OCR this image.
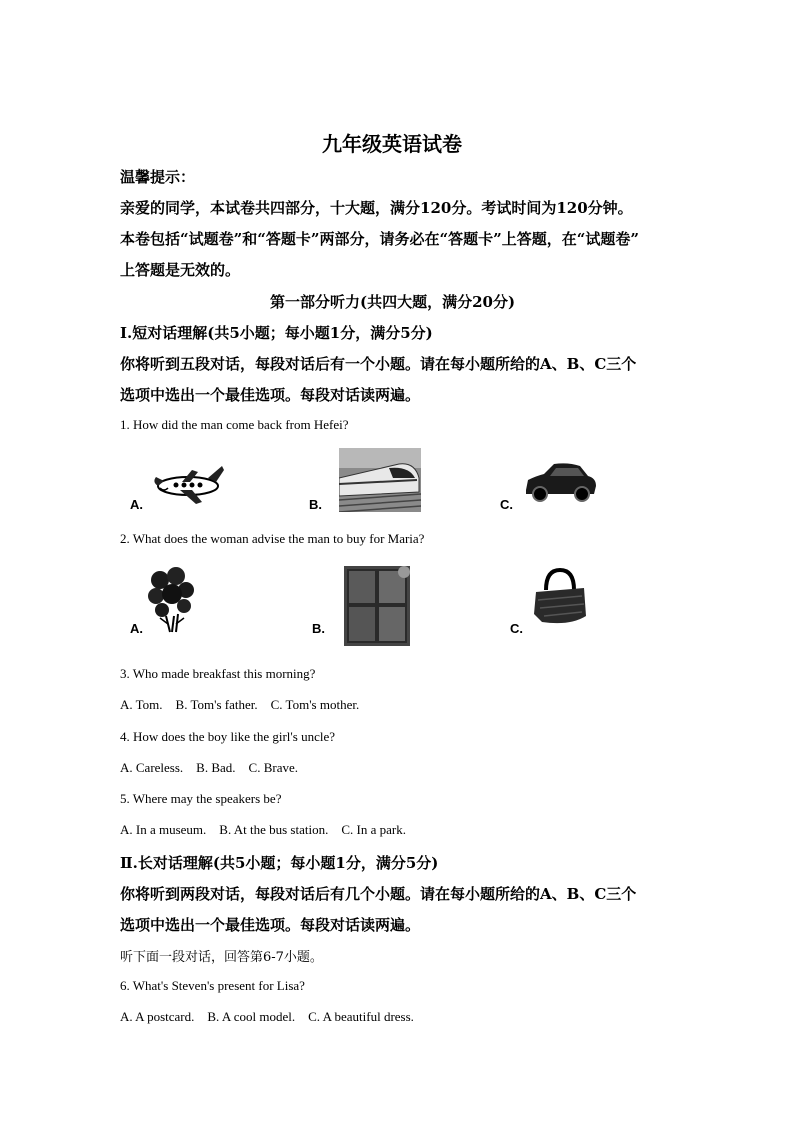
九年级英语试卷
温馨提示：
亲爱的同学，本试卷共四部分，十大题，满分120分。考试时间为120分钟。
本卷包括“试题卷”和“答题卡”两部分，请务必在“答题卡”上答题，在“试题卷”
上答题是无效的。
第一部分听力(共四大题，满分20分)
Ⅰ.短对话理解(共5小题；每小题1分，满分5分)
你将听到五段对话，每段对话后有一个小题。请在每小题所给的A、B、C三个
选项中选出一个最佳选项。每段对话读两遍。
1. How did the man come back from Hefei?
A.	B.	C.
2. What does the woman advise the man to buy for Maria?
A.	B.	C.
3. Who made breakfast this morning?
A. Tom.    B. Tom's father.    C. Tom's mother.
4. How does the boy like the girl's uncle?
A. Careless.    B. Bad.    C. Brave.
5. Where may the speakers be?
A. In a museum.    B. At the bus station.    C. In a park.
Ⅱ.长对话理解(共5小题；每小题1分，满分5分)
你将听到两段对话，每段对话后有几个小题。请在每小题所给的A、B、C三个
选项中选出一个最佳选项。每段对话读两遍。
听下面一段对话，回答第6-7小题。
6. What's Steven's present for Lisa?
A. A postcard.    B. A cool model.    C. A beautiful dress.
